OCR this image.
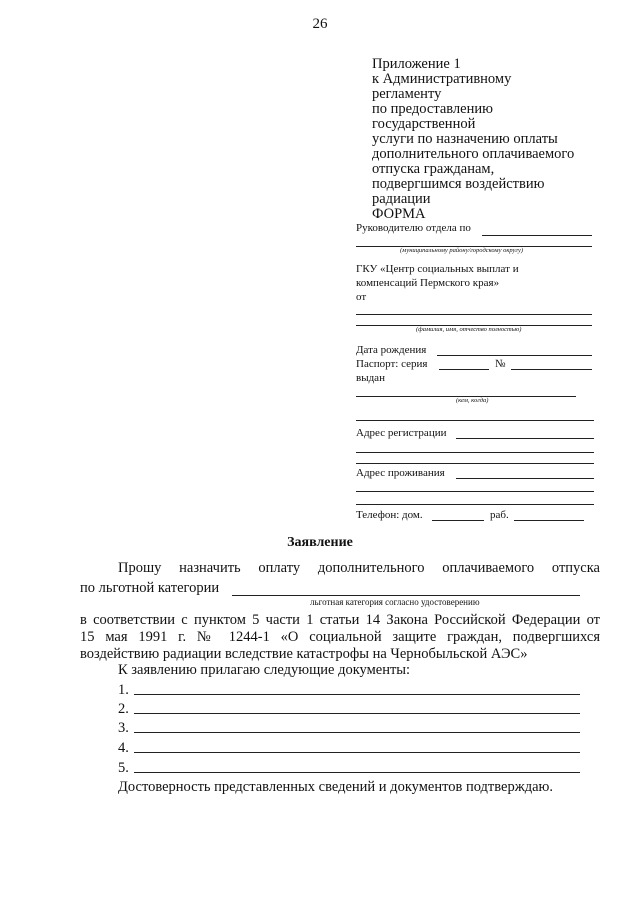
26
Приложение 1
к Административному
регламенту
по предоставлению
государственной
услуги по назначению оплаты
дополнительного оплачиваемого
отпуска гражданам,
подвергшимся воздействию
радиации
ФОРМА
Руководителю отдела по
(муниципальному району/городскому округу)
ГКУ «Центр социальных выплат и
компенсаций Пермского края»
от
(фамилия, имя, отчество полностью)
Дата рождения
Паспорт: серия	№
выдан
(кем, когда)
Адрес регистрации
Адрес проживания
Телефон: дом.	раб.
Заявление
Прошу назначить оплату дополнительного оплачиваемого отпуска
по льготной категории
льготная категория согласно удостоверению
в соответствии с пунктом 5 части 1 статьи 14 Закона Российской Федерации от
15 мая 1991 г. № 1244-1 «О социальной защите граждан, подвергшихся
воздействию радиации вследствие катастрофы на Чернобыльской АЭС»
К заявлению прилагаю следующие документы:
1.
2.
3.
4.
5.
Достоверность представленных сведений и документов подтверждаю.
